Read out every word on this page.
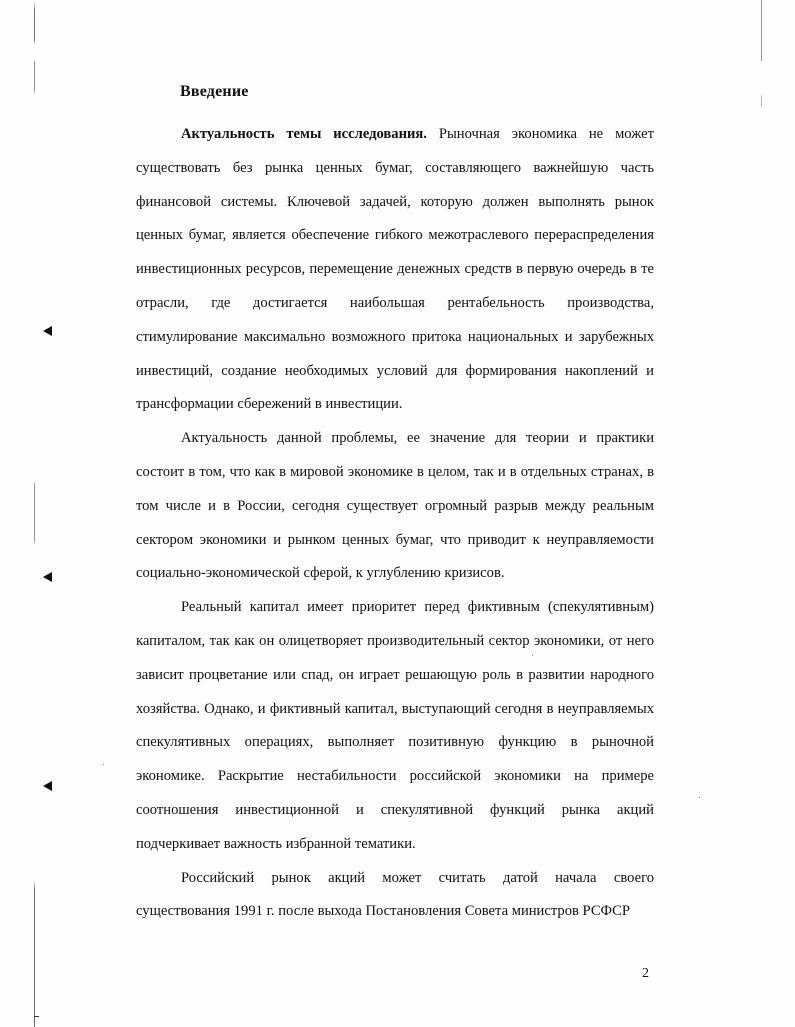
Введение

Актуальность темы исследования. Рыночная экономика не может существовать без рынка ценных бумаг, составляющего важнейшую часть финансовой системы. Ключевой задачей, которую должен выполнять рынок ценных бумаг, является обеспечение гибкого межотраслевого перераспределения инвестиционных ресурсов, перемещение денежных средств в первую очередь в те отрасли, где достигается наибольшая рентабельность производства, стимулирование максимально возможного притока национальных и зарубежных инвестиций, создание необходимых условий для формирования накоплений и трансформации сбережений в инвестиции.

Актуальность данной проблемы, ее значение для теории и практики состоит в том, что как в мировой экономике в целом, так и в отдельных странах, в том числе и в России, сегодня существует огромный разрыв между реальным сектором экономики и рынком ценных бумаг, что приводит к неуправляемости социально-экономической сферой, к углублению кризисов.

Реальный капитал имеет приоритет перед фиктивным (спекулятивным) капиталом, так как он олицетворяет производительный сектор экономики, от него зависит процветание или спад, он играет решающую роль в развитии народного хозяйства. Однако, и фиктивный капитал, выступающий сегодня в неуправляемых спекулятивных операциях, выполняет позитивную функцию в рыночной экономике. Раскрытие нестабильности российской экономики на примере соотношения инвестиционной и спекулятивной функций рынка акций подчеркивает важность избранной тематики.

Российский рынок акций может считать датой начала своего существования 1991 г. после выхода Постановления Совета министров РСФСР

2
